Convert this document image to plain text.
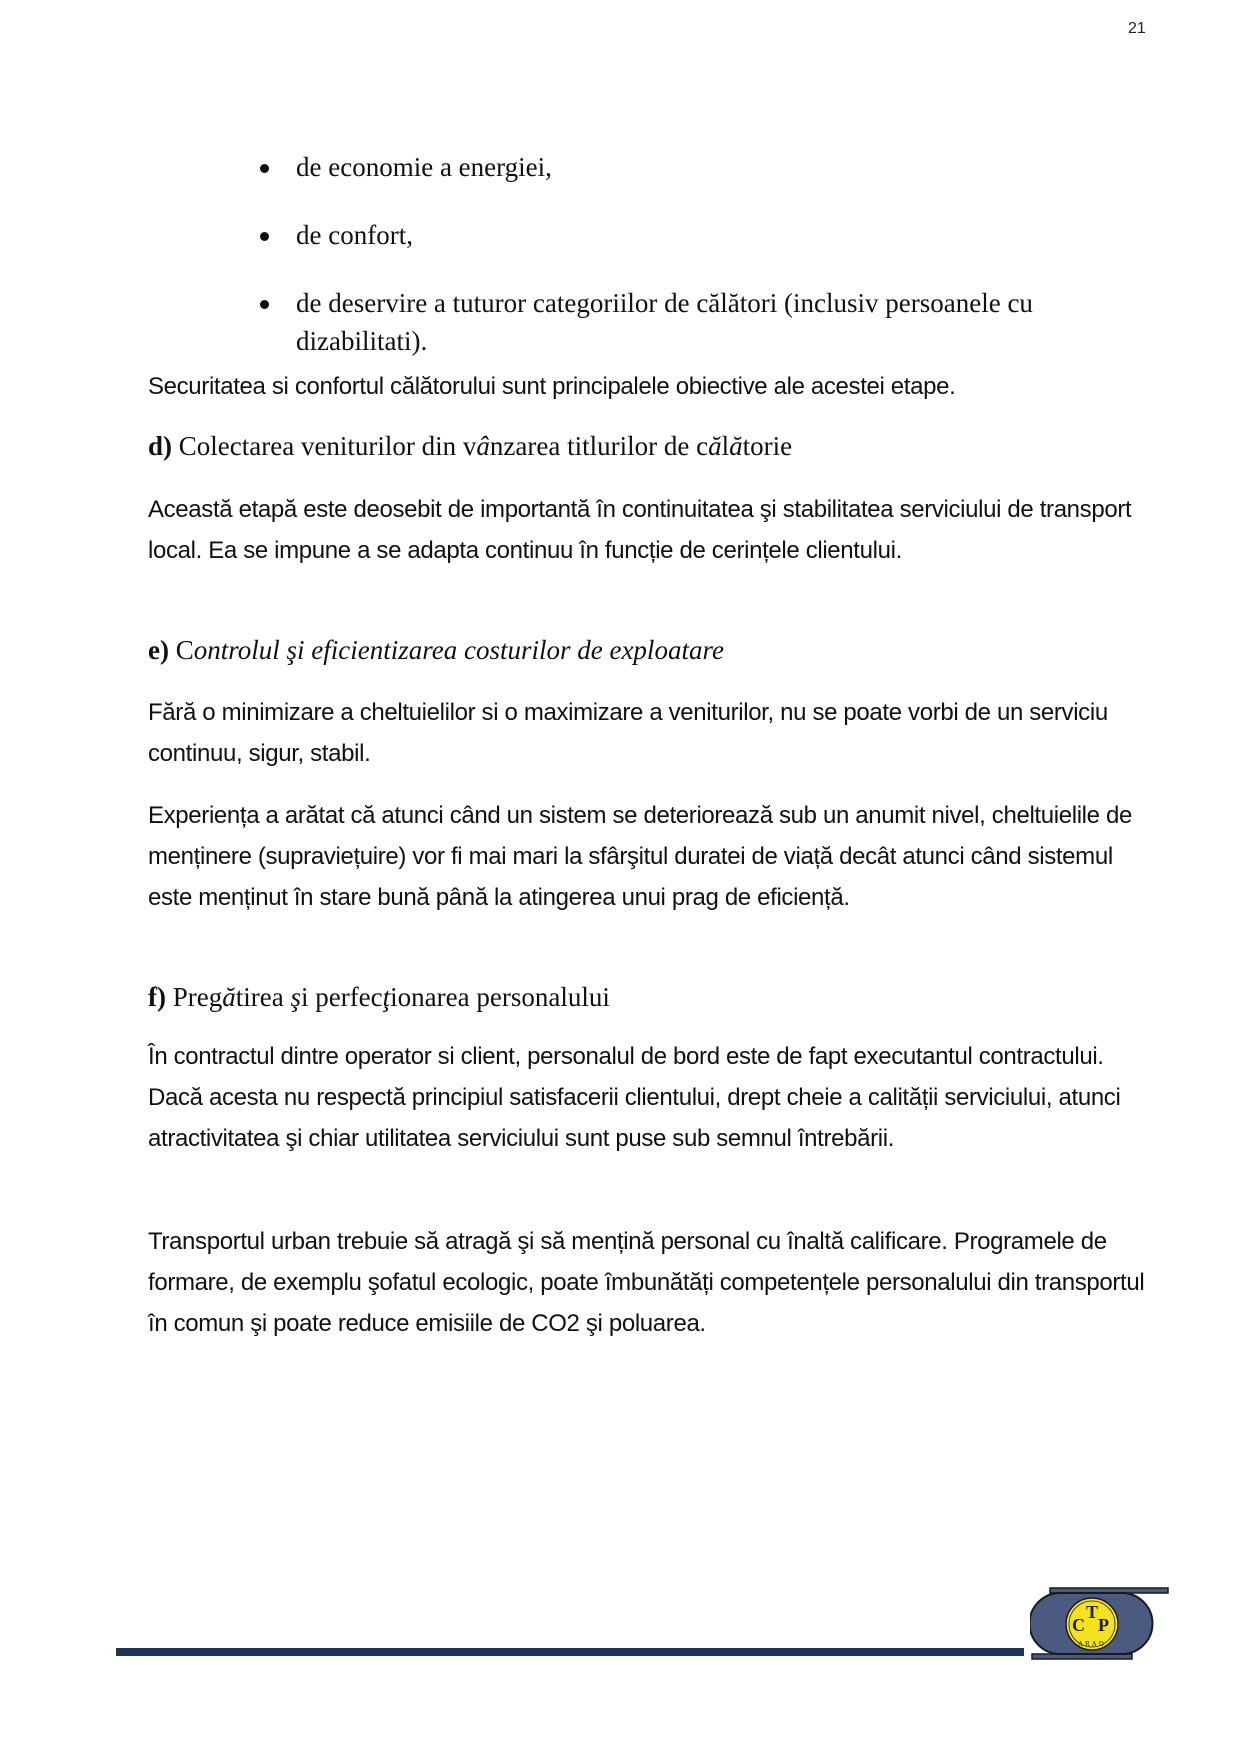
21
de economie a energiei,
de confort,
de deservire a tuturor categoriilor de călători (inclusiv persoanele cu dizabilitati).

Securitatea si confortul călătorului sunt principalele obiective ale acestei etape.

d) Colectarea veniturilor din vânzarea titlurilor de călătorie

Această etapă este deosebit de importantă în continuitatea şi stabilitatea serviciului de transport local. Ea se impune a se adapta continuu în funcție de cerințele clientului.

e) Controlul şi eficientizarea costurilor de exploatare

Fără o minimizare a cheltuielilor si o maximizare a veniturilor, nu se poate vorbi de un serviciu continuu, sigur, stabil.

Experiența a arătat că atunci când un sistem se deteriorează sub un anumit nivel, cheltuielile de menținere (supraviețuire) vor fi mai mari la sfârşitul duratei de viață decât atunci când sistemul este menținut în stare bună până la atingerea unui prag de eficiență.

f) Pregătirea şi perfecţionarea personalului

În contractul dintre operator si client, personalul de bord este de fapt executantul contractului. Dacă acesta nu respectă principiul satisfacerii clientului, drept cheie a calității serviciului, atunci atractivitatea şi chiar utilitatea serviciului sunt puse sub semnul întrebării.

Transportul urban trebuie să atragă şi să mențină personal cu înaltă calificare. Programele de formare, de exemplu şofatul ecologic, poate îmbunătăți competențele personalului din transportul în comun şi poate reduce emisiile de CO2 şi poluarea.

C
T
P
ARAD
